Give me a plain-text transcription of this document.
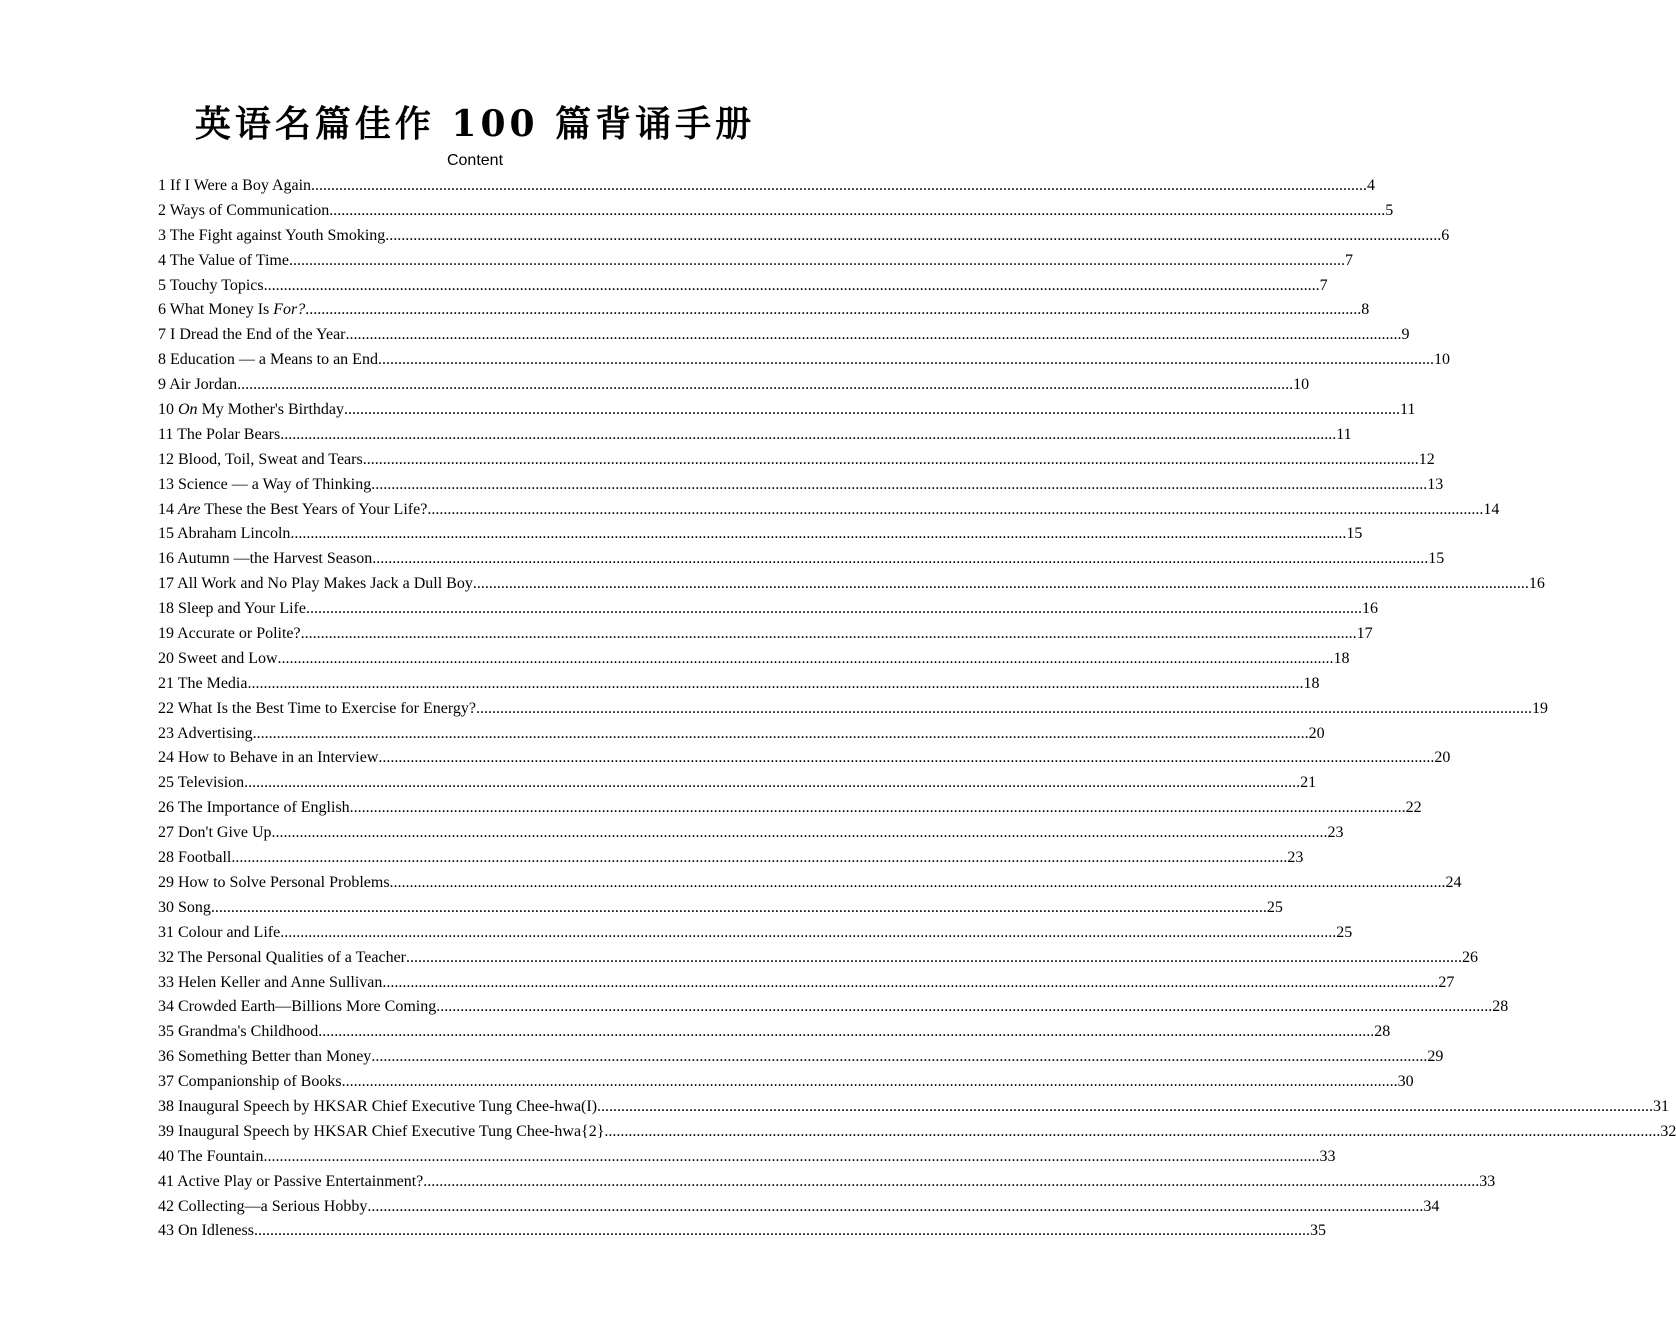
英语名篇佳作 100 篇背诵手册
Content
1 If I Were a Boy Again .....	4
2 Ways of Communication .....	5
3 The Fight against Youth Smoking .....	6
4 The Value of Time .....	7
5 Touchy Topics .....	7
6 What Money Is For? .....	8
7 I Dread the End of the Year .....	9
8 Education — a Means to an End .....	10
9 Air Jordan .....	10
10 On My Mother's Birthday .....	11
11 The Polar Bears .....	11
12 Blood, Toil, Sweat and Tears .....	12
13 Science — a Way of Thinking .....	13
14 Are These the Best Years of Your Life? .....	14
15 Abraham Lincoln .....	15
16 Autumn —the Harvest Season .....	15
17 All Work and No Play Makes Jack a Dull Boy .....	16
18 Sleep and Your Life .....	16
19 Accurate or Polite? .....	17
20 Sweet and Low .....	18
21 The Media .....	18
22 What Is the Best Time to Exercise for Energy? .....	19
23 Advertising .....	20
24 How to Behave in an Interview .....	20
25 Television .....	21
26 The Importance of English .....	22
27 Don't Give Up .....	23
28 Football .....	23
29 How to Solve Personal Problems .....	24
30 Song .....	25
31 Colour and Life .....	25
32 The Personal Qualities of a Teacher .....	26
33 Helen Keller and Anne Sullivan .....	27
34 Crowded Earth—Billions More Coming .....	28
35 Grandma's Childhood .....	28
36 Something Better than Money .....	29
37 Companionship of Books .....	30
38 Inaugural Speech by HKSAR Chief Executive Tung Chee-hwa(I) .....	31
39 Inaugural Speech by HKSAR Chief Executive Tung Chee-hwa{2} .....	32
40 The Fountain .....	33
41 Active Play or Passive Entertainment? .....	33
42 Collecting—a Serious Hobby .....	34
43 On Idleness .....	35
